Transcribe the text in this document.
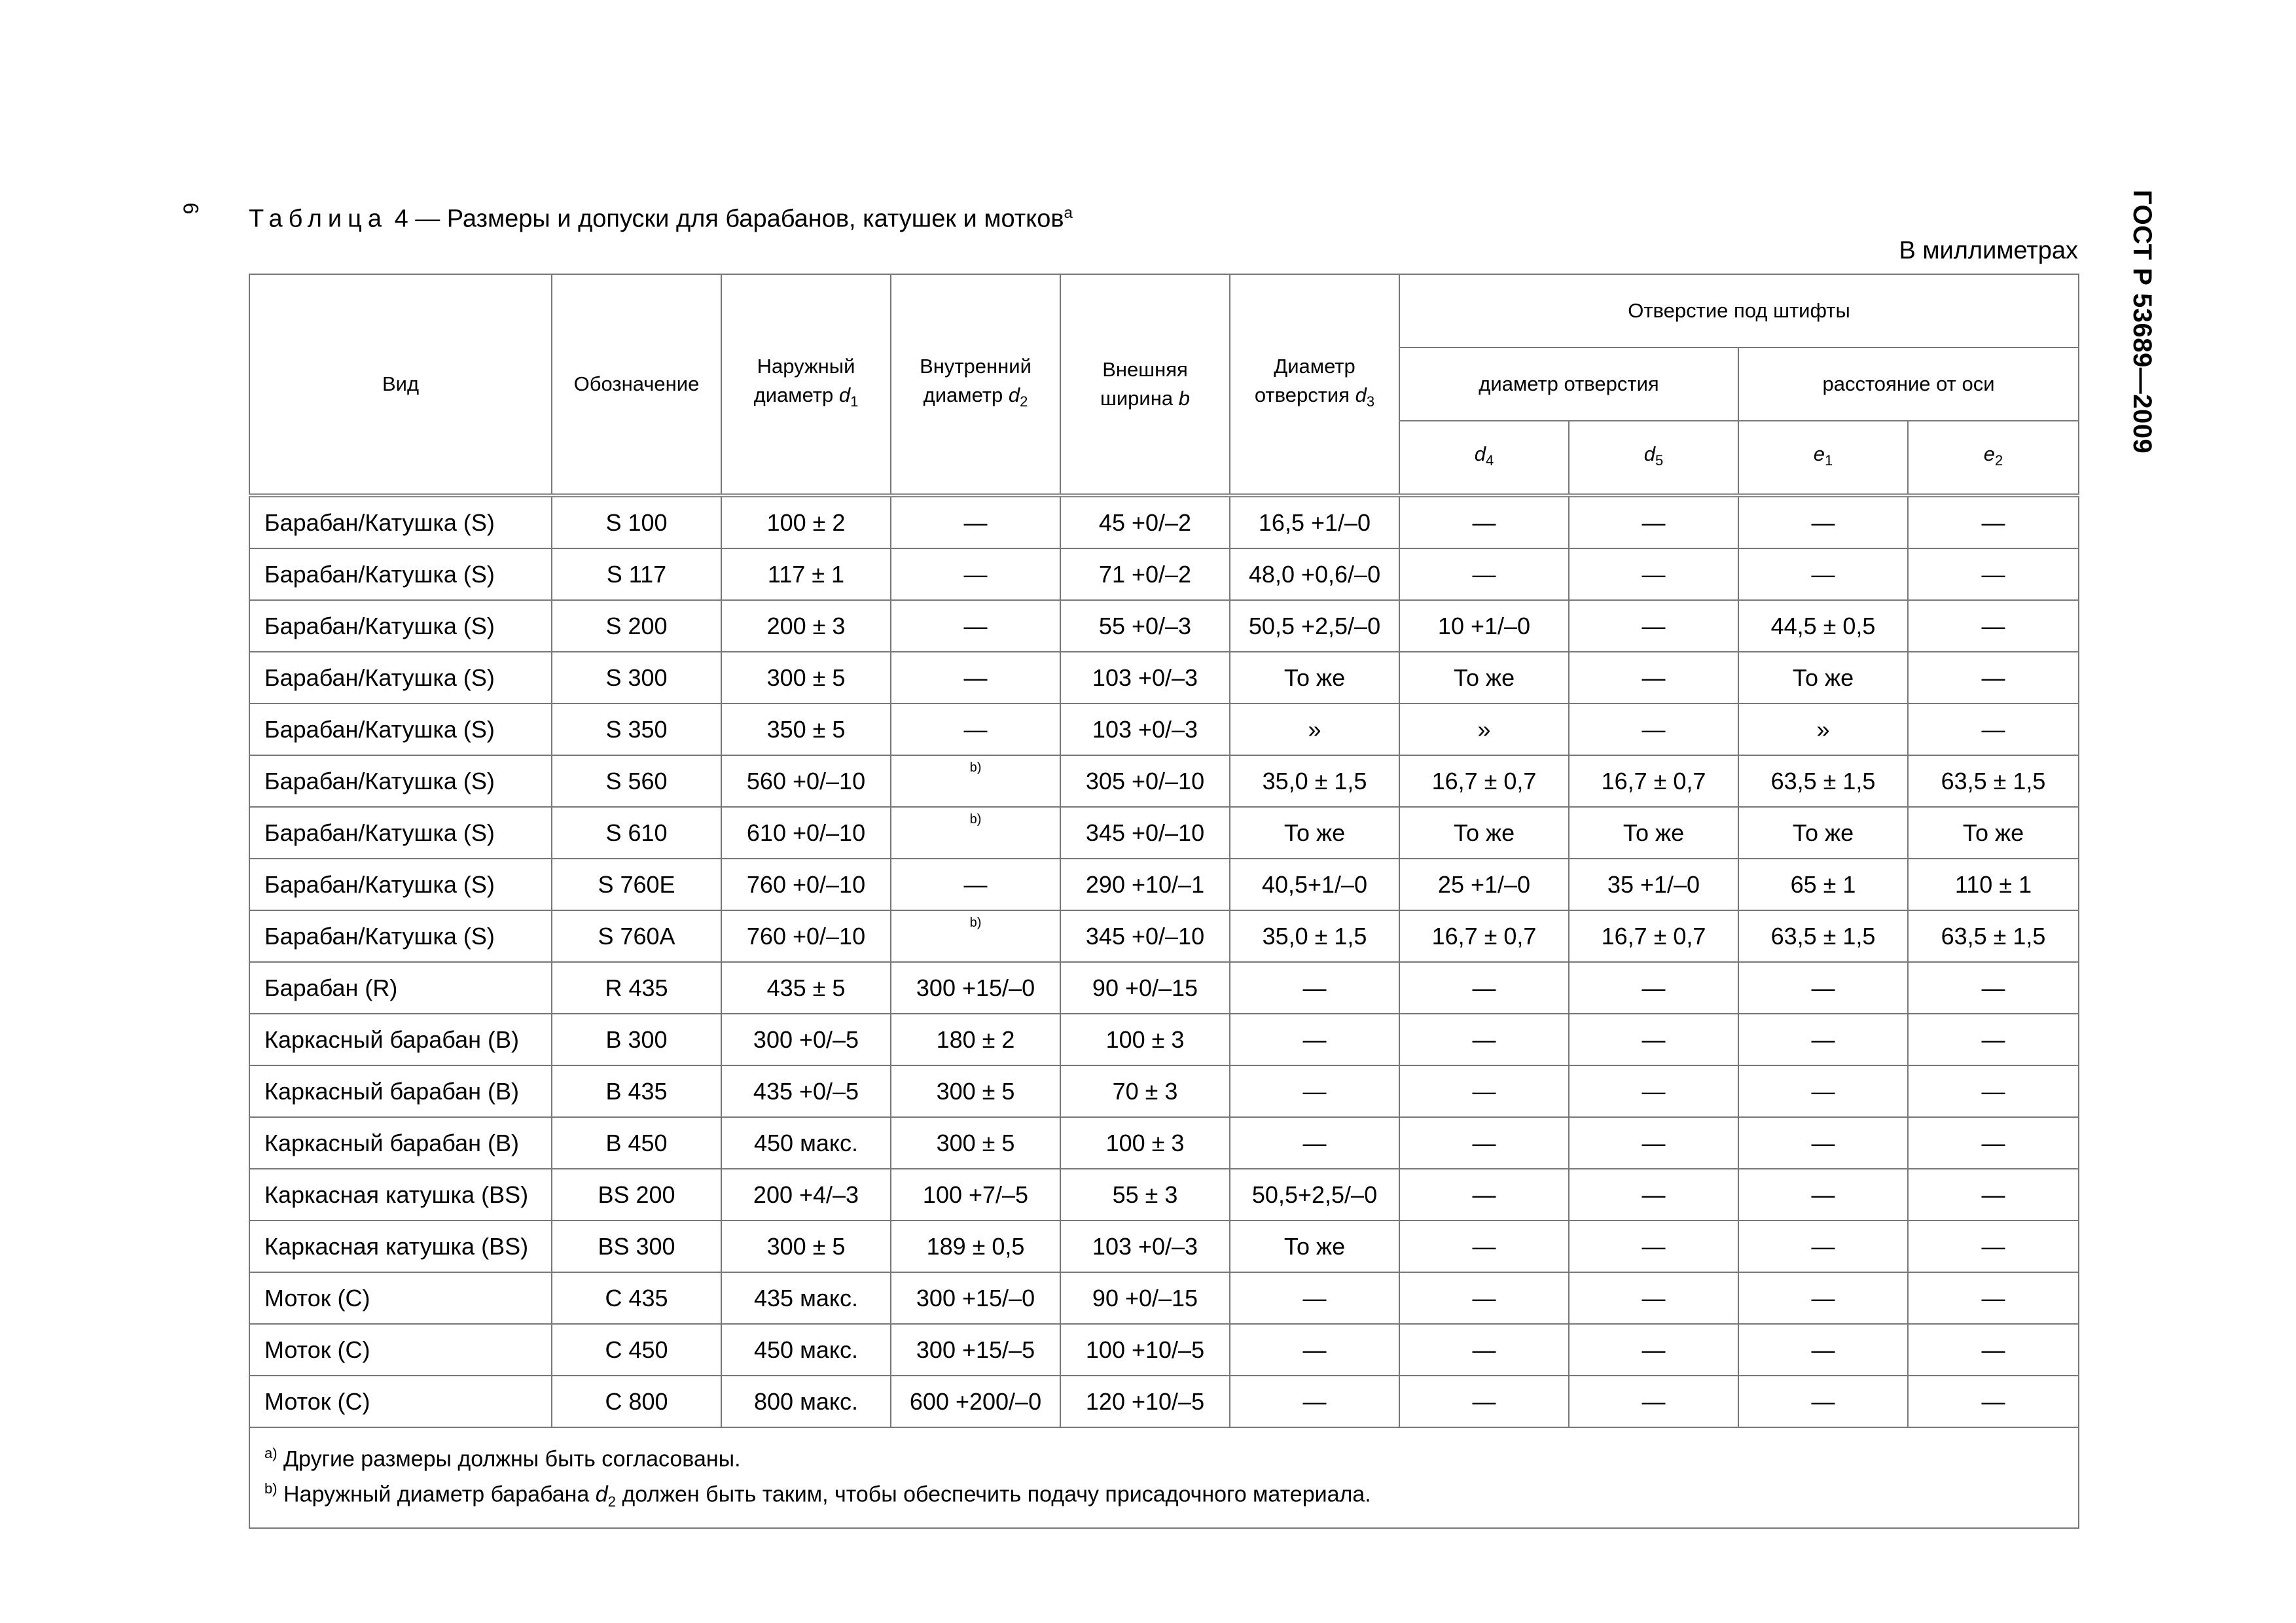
6	ГОСТ Р 53689—2009
Таблица 4 — Размеры и допуски для барабанов, катушек и мотков$^a$
В миллиметрах
Вид	Обозначение	Наружный диаметр $d_1$	Внутренний диаметр $d_2$	Внешняя ширина b	Диаметр отверстия $d_3$	Отверстие под штифты			
						диаметр отверстия		расстояние от оси	
						$d_4$	$d_5$	$e_1$	$e_2$
Барабан/Катушка (S)	S 100	100 ± 2	—	45 +0/–2	16,5 +1/–0	—	—	—	—
Барабан/Катушка (S)	S 117	117 ± 1	—	71 +0/–2	48,0 +0,6/–0	—	—	—	—
Барабан/Катушка (S)	S 200	200 ± 3	—	55 +0/–3	50,5 +2,5/–0	10 +1/–0	—	44,5 ± 0,5	—
Барабан/Катушка (S)	S 300	300 ± 5	—	103 +0/–3	То же	То же	—	То же	—
Барабан/Катушка (S)	S 350	350 ± 5	—	103 +0/–3	»	»	—	»	—
Барабан/Катушка (S)	S 560	560 +0/–10	$^{b)}$	305 +0/–10	35,0 ± 1,5	16,7 ± 0,7	16,7 ± 0,7	63,5 ± 1,5	63,5 ± 1,5
Барабан/Катушка (S)	S 610	610 +0/–10	$^{b)}$	345 +0/–10	То же	То же	То же	То же	То же
Барабан/Катушка (S)	S 760E	760 +0/–10	—	290 +10/–1	40,5+1/–0	25 +1/–0	35 +1/–0	65 ± 1	110 ± 1
Барабан/Катушка (S)	S 760A	760 +0/–10	$^{b)}$	345 +0/–10	35,0 ± 1,5	16,7 ± 0,7	16,7 ± 0,7	63,5 ± 1,5	63,5 ± 1,5
Барабан (R)	R 435	435 ± 5	300 +15/–0	90 +0/–15	—	—	—	—	—
Каркасный барабан (B)	B 300	300 +0/–5	180 ± 2	100 ± 3	—	—	—	—	—
Каркасный барабан (B)	B 435	435 +0/–5	300 ± 5	70 ± 3	—	—	—	—	—
Каркасный барабан (B)	B 450	450 макс.	300 ± 5	100 ± 3	—	—	—	—	—
Каркасная катушка (BS)	BS 200	200 +4/–3	100 +7/–5	55 ± 3	50,5+2,5/–0	—	—	—	—
Каркасная катушка (BS)	BS 300	300 ± 5	189 ± 0,5	103 +0/–3	То же	—	—	—	—
Моток (C)	C 435	435 макс.	300 +15/–0	90 +0/–15	—	—	—	—	—
Моток (C)	C 450	450 макс.	300 +15/–5	100 +10/–5	—	—	—	—	—
Моток (C)	C 800	800 макс.	600 +200/–0	120 +10/–5	—	—	—	—	—

$^{a)}$ Другие размеры должны быть согласованы.
$^{b)}$ Наружный диаметр барабана $d_2$ должен быть таким, чтобы обеспечить подачу присадочного материала.									
